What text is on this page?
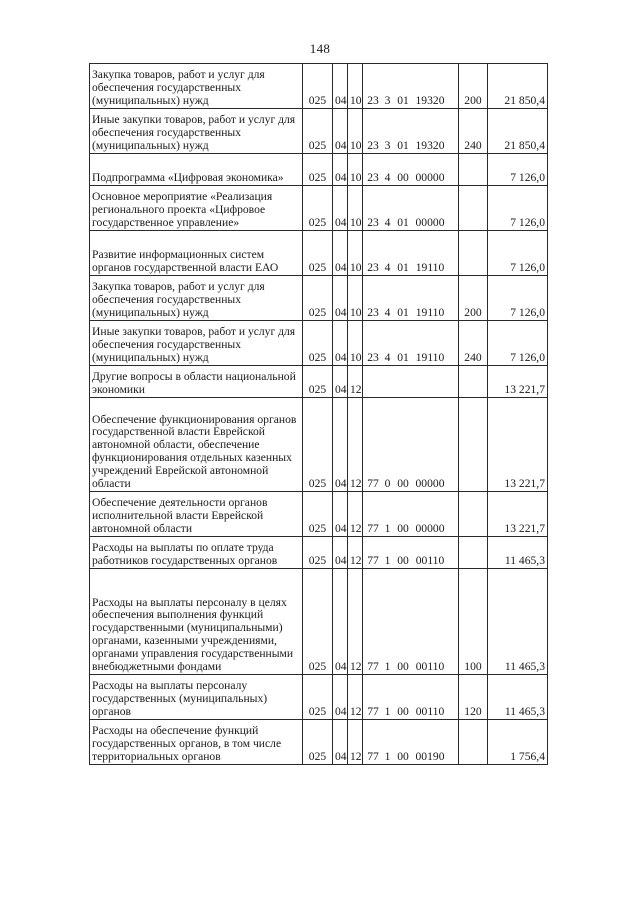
148
Закупка товаров, работ и услуг для обеспечения государственных (муниципальных) нужд	025	04	10	23 3 01 19320	200	21 850,4
Иные закупки товаров, работ и услуг для обеспечения государственных (муниципальных) нужд	025	04	10	23 3 01 19320	240	21 850,4
Подпрограмма «Цифровая экономика»	025	04	10	23 4 00 00000		7 126,0
Основное мероприятие «Реализация регионального проекта «Цифровое государственное управление»	025	04	10	23 4 01 00000		7 126,0
Развитие информационных систем органов государственной власти ЕАО	025	04	10	23 4 01 19110		7 126,0
Закупка товаров, работ и услуг для обеспечения государственных (муниципальных) нужд	025	04	10	23 4 01 19110	200	7 126,0
Иные закупки товаров, работ и услуг для обеспечения государственных (муниципальных) нужд	025	04	10	23 4 01 19110	240	7 126,0
Другие вопросы в области национальной экономики	025	04	12			13 221,7
Обеспечение функционирования органов государственной власти Еврейской автономной области, обеспечение функционирования отдельных казенных учреждений Еврейской автономной области	025	04	12	77 0 00 00000		13 221,7
Обеспечение деятельности органов исполнительной власти Еврейской автономной области	025	04	12	77 1 00 00000		13 221,7
Расходы на выплаты по оплате труда работников государственных органов	025	04	12	77 1 00 00110		11 465,3
Расходы на выплаты персоналу в целях обеспечения выполнения функций государственными (муниципальными) органами, казенными учреждениями, органами управления государственными внебюджетными фондами	025	04	12	77 1 00 00110	100	11 465,3
Расходы на выплаты персоналу государственных (муниципальных) органов	025	04	12	77 1 00 00110	120	11 465,3
Расходы на обеспечение функций государственных органов, в том числе территориальных органов	025	04	12	77 1 00 00190		1 756,4
